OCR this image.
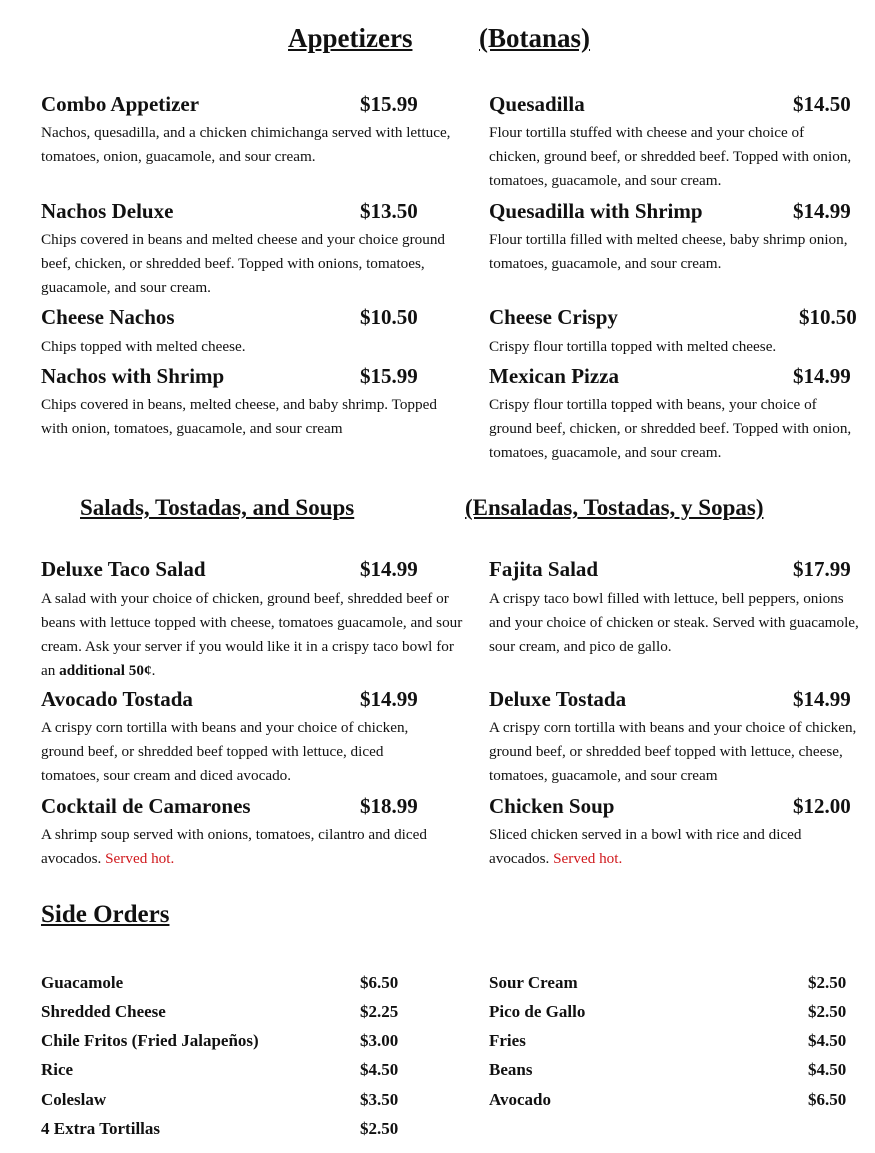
Appetizers (Botanas)
Combo Appetizer	$15.99
Nachos, quesadilla, and a chicken chimichanga served with lettuce, tomatoes, onion, guacamole, and sour cream.
Quesadilla	$14.50
Flour tortilla stuffed with cheese and your choice of chicken, ground beef, or shredded beef. Topped with onion, tomatoes, guacamole, and sour cream.
Nachos Deluxe	$13.50
Chips covered in beans and melted cheese and your choice ground beef, chicken, or shredded beef. Topped with onions, tomatoes, guacamole, and sour cream.
Quesadilla with Shrimp	$14.99
Flour tortilla filled with melted cheese, baby shrimp onion, tomatoes, guacamole, and sour cream.
Cheese Nachos	$10.50
Chips topped with melted cheese.
Cheese Crispy	$10.50
Crispy flour tortilla topped with melted cheese.
Nachos with Shrimp	$15.99
Chips covered in beans, melted cheese, and baby shrimp. Topped with onion, tomatoes, guacamole, and sour cream
Mexican Pizza	$14.99
Crispy flour tortilla topped with beans, your choice of ground beef, chicken, or shredded beef. Topped with onion, tomatoes, guacamole, and sour cream.
Salads, Tostadas, and Soups	(Ensaladas, Tostadas, y Sopas)
Deluxe Taco Salad	$14.99
A salad with your choice of chicken, ground beef, shredded beef or beans with lettuce topped with cheese, tomatoes guacamole, and sour cream. Ask your server if you would like it in a crispy taco bowl for an additional 50¢.
Fajita Salad	$17.99
A crispy taco bowl filled with lettuce, bell peppers, onions and your choice of chicken or steak. Served with guacamole, sour cream, and pico de gallo.
Avocado Tostada	$14.99
A crispy corn tortilla with beans and your choice of chicken, ground beef, or shredded beef topped with lettuce, diced tomatoes, sour cream and diced avocado.
Deluxe Tostada	$14.99
A crispy corn tortilla with beans and your choice of chicken, ground beef, or shredded beef topped with lettuce, cheese, tomatoes, guacamole, and sour cream
Cocktail de Camarones	$18.99
A shrimp soup served with onions, tomatoes, cilantro and diced avocados. Served hot.
Chicken Soup	$12.00
Sliced chicken served in a bowl with rice and diced avocados. Served hot.
Side Orders
Guacamole	$6.50
Shredded Cheese	$2.25
Chile Fritos (Fried Jalapeños)	$3.00
Rice	$4.50
Coleslaw	$3.50
4 Extra Tortillas	$2.50
Sour Cream	$2.50
Pico de Gallo	$2.50
Fries	$4.50
Beans	$4.50
Avocado	$6.50
